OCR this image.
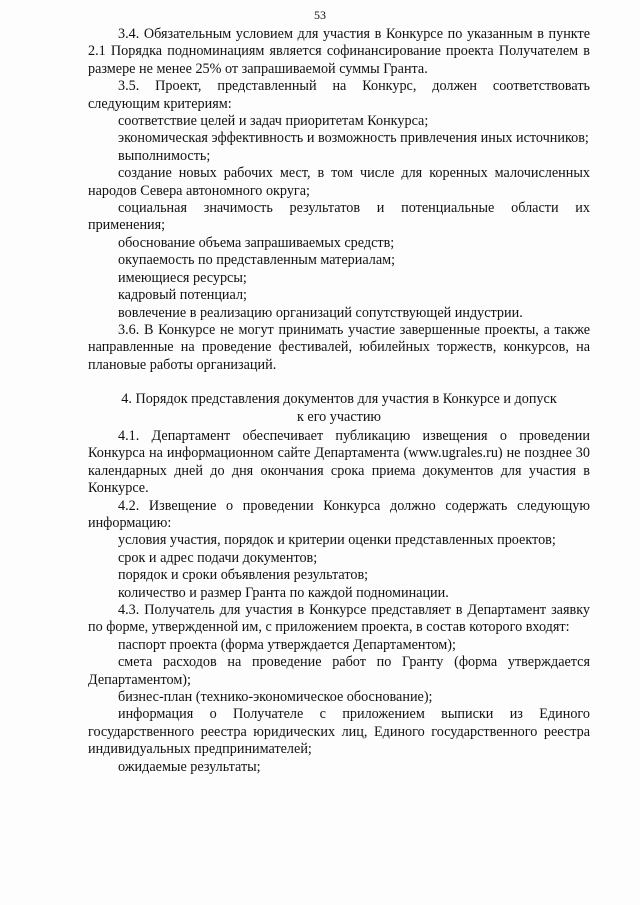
53

3.4. Обязательным условием для участия в Конкурсе по указанным в пункте 2.1 Порядка подноминациям является софинансирование проекта Получателем в размере не менее 25% от запрашиваемой суммы Гранта.

3.5. Проект, представленный на Конкурс, должен соответствовать следующим критериям:

соответствие целей и задач приоритетам Конкурса;

экономическая эффективность и возможность привлечения иных источников;

выполнимость;

создание новых рабочих мест, в том числе для коренных малочисленных народов Севера автономного округа;

социальная значимость результатов и потенциальные области их применения;

обоснование объема запрашиваемых средств;

окупаемость по представленным материалам;

имеющиеся ресурсы;

кадровый потенциал;

вовлечение в реализацию организаций сопутствующей индустрии.

3.6. В Конкурсе не могут принимать участие завершенные проекты, а также направленные на проведение фестивалей, юбилейных торжеств, конкурсов, на плановые работы организаций.

4. Порядок представления документов для участия в Конкурсе и допуск
к его участию

4.1. Департамент обеспечивает публикацию извещения о проведении Конкурса на информационном сайте Департамента (www.ugrales.ru) не позднее 30 календарных дней до дня окончания срока приема документов для участия в Конкурсе.

4.2. Извещение о проведении Конкурса должно содержать следующую информацию:

условия участия, порядок и критерии оценки представленных проектов;

срок и адрес подачи документов;

порядок и сроки объявления результатов;

количество и размер Гранта по каждой подноминации.

4.3. Получатель для участия в Конкурсе представляет в Департамент заявку по форме, утвержденной им, с приложением проекта, в состав которого входят:

паспорт проекта (форма утверждается Департаментом);

смета расходов на проведение работ по Гранту (форма утверждается Департаментом);

бизнес-план (технико-экономическое обоснование);

информация о Получателе с приложением выписки из Единого государственного реестра юридических лиц, Единого государственного реестра индивидуальных предпринимателей;

ожидаемые результаты;
